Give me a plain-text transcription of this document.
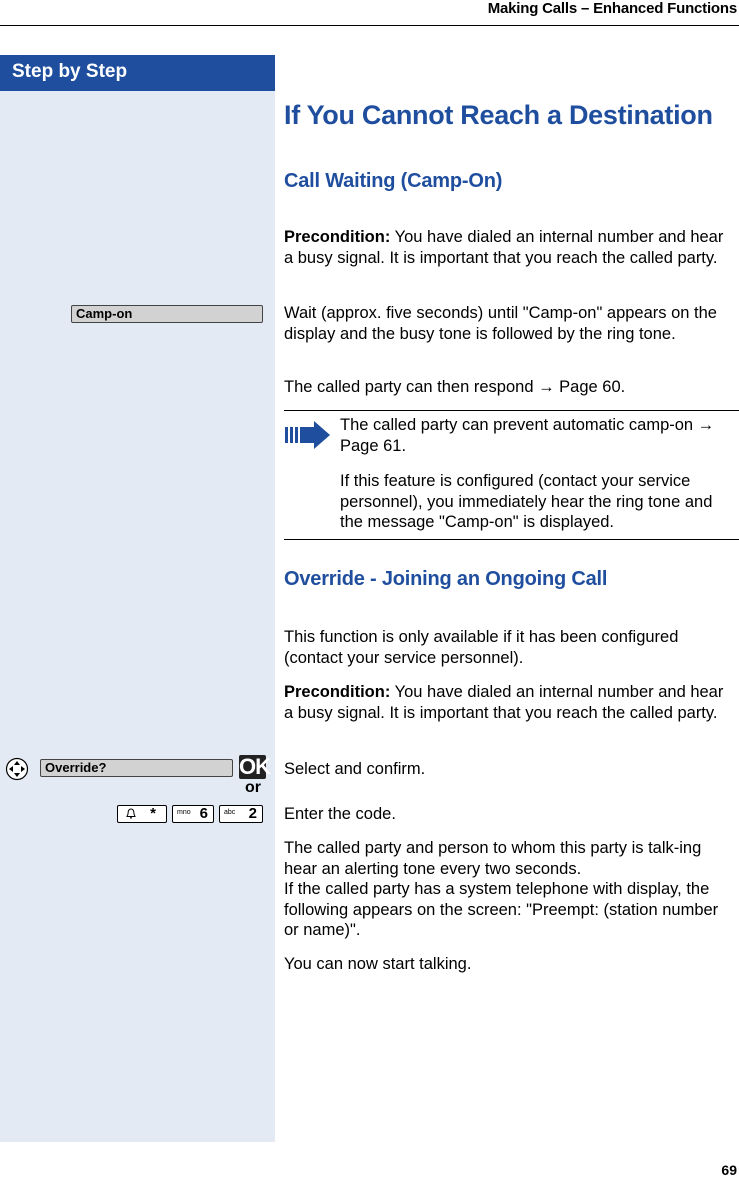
Making Calls – Enhanced Functions
Step by Step
If You Cannot Reach a Destination
Call Waiting (Camp-On)
Precondition: You have dialed an internal number and hear a busy signal. It is important that you reach the called party.
Camp-on	Wait (approx. five seconds) until "Camp-on" appears on the display and the busy tone is followed by the ring tone.
The called party can then respond → Page 60.
The called party can prevent automatic camp-on → Page 61.
If this feature is configured (contact your service personnel), you immediately hear the ring tone and the message "Camp-on" is displayed.
Override - Joining an Ongoing Call
This function is only available if it has been configured (contact your service personnel).
Precondition: You have dialed an internal number and hear a busy signal. It is important that you reach the called party.
Override?	OK
or
Select and confirm.
*	mno 6 abc 2 Enter the code.
The called party and person to whom this party is talk-ing hear an alerting tone every two seconds.
If the called party has a system telephone with display, the following appears on the screen: "Preempt: (station number or name)".
You can now start talking.
69
